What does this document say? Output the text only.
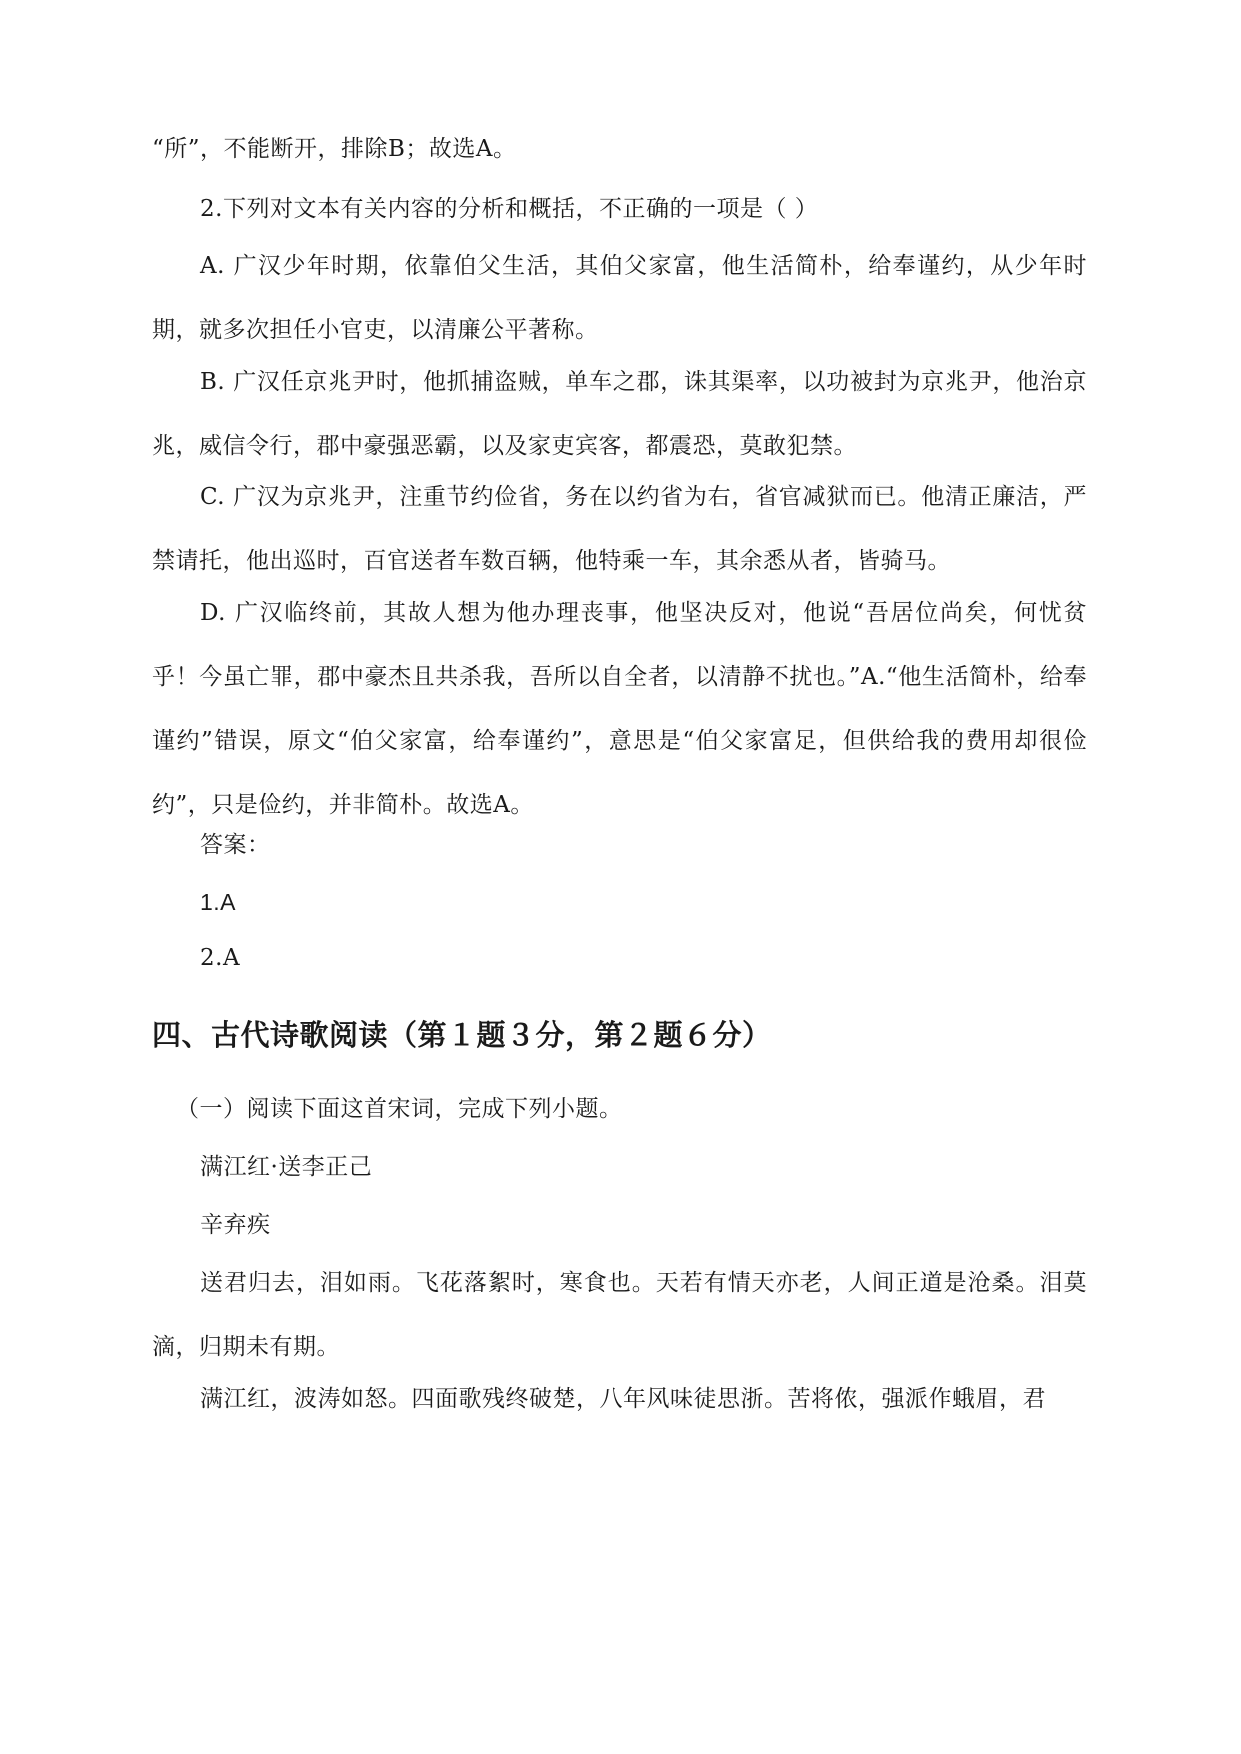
“所”，不能断开，排除B；故选A。

2.下列对文本有关内容的分析和概括，不正确的一项是（ ）

A. 广汉少年时期，依靠伯父生活，其伯父家富，他生活简朴，给奉谨约，从少年时期，就多次担任小官吏，以清廉公平著称。

B. 广汉任京兆尹时，他抓捕盗贼，单车之郡，诛其渠率，以功被封为京兆尹，他治京兆，威信令行，郡中豪强恶霸，以及家吏宾客，都震恐，莫敢犯禁。

C. 广汉为京兆尹，注重节约俭省，务在以约省为右，省官减狱而已。他清正廉洁，严禁请托，他出巡时，百官送者车数百辆，他特乘一车，其余悉从者，皆骑马。

D. 广汉临终前，其故人想为他办理丧事，他坚决反对，他说“吾居位尚矣，何忧贫乎！今虽亡罪，郡中豪杰且共杀我，吾所以自全者，以清静不扰也。”A.“他生活简朴，给奉谨约”错误，原文“伯父家富，给奉谨约”，意思是“伯父家富足，但供给我的费用却很俭约”，只是俭约，并非简朴。故选A。

答案：

1.A

2.A

四、古代诗歌阅读（第１题３分，第２题６分）

（一）阅读下面这首宋词，完成下列小题。

满江红·送李正己

辛弃疾

送君归去，泪如雨。飞花落絮时，寒食也。天若有情天亦老，人间正道是沧桑。泪莫滴，归期未有期。

满江红，波涛如怒。四面歌残终破楚，八年风味徒思浙。苦将侬，强派作蛾眉，君
